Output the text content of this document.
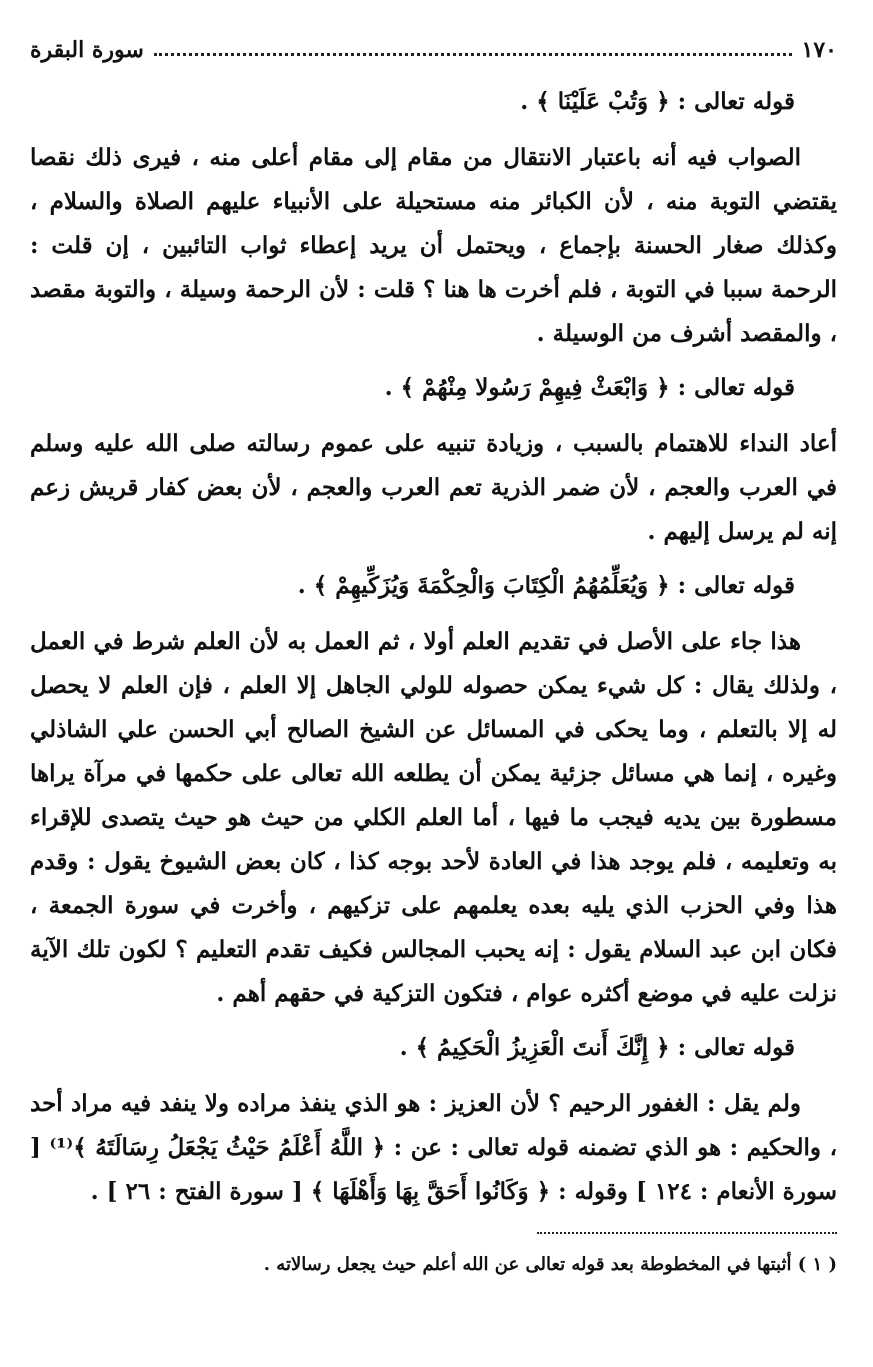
١٧٠
سورة البقرة
قوله تعالى : ﴿ وَتُبْ عَلَيْنَا ﴾ .

الصواب فيه أنه باعتبار الانتقال من مقام إلى مقام أعلى منه ، فيرى ذلك نقصا يقتضي التوبة منه ، لأن الكبائر منه مستحيلة على الأنبياء عليهم الصلاة والسلام ، وكذلك صغار الحسنة بإجماع ، ويحتمل أن يريد إعطاء ثواب التائبين ، إن قلت : الرحمة سببا في التوبة ، فلم أخرت ها هنا ؟ قلت : لأن الرحمة وسيلة ، والتوبة مقصد ، والمقصد أشرف من الوسيلة .

قوله تعالى : ﴿ وَابْعَثْ فِيهِمْ رَسُولا مِنْهُمْ ﴾ .

أعاد النداء للاهتمام بالسبب ، وزيادة تنبيه على عموم رسالته صلى الله عليه وسلم في العرب والعجم ، لأن ضمر الذرية تعم العرب والعجم ، لأن بعض كفار قريش زعم إنه لم يرسل إليهم .

قوله تعالى : ﴿ وَيُعَلِّمُهُمُ الْكِتَابَ وَالْحِكْمَةَ وَيُزَكِّيهِمْ ﴾ .

هذا جاء على الأصل في تقديم العلم أولا ، ثم العمل به لأن العلم شرط في العمل ، ولذلك يقال : كل شيء يمكن حصوله للولي الجاهل إلا العلم ، فإن العلم لا يحصل له إلا بالتعلم ، وما يحكى في المسائل عن الشيخ الصالح أبي الحسن علي الشاذلي وغيره ، إنما هي مسائل جزئية يمكن أن يطلعه الله تعالى على حكمها في مرآة يراها مسطورة بين يديه فيجب ما فيها ، أما العلم الكلي من حيث هو حيث يتصدى للإقراء به وتعليمه ، فلم يوجد هذا في العادة لأحد بوجه كذا ، كان بعض الشيوخ يقول : وقدم هذا وفي الحزب الذي يليه بعده يعلمهم على تزكيهم ، وأخرت في سورة الجمعة ، فكان ابن عبد السلام يقول : إنه يحبب المجالس فكيف تقدم التعليم ؟ لكون تلك الآية نزلت عليه في موضع أكثره عوام ، فتكون التزكية في حقهم أهم .

قوله تعالى : ﴿ إِنَّكَ أَنتَ الْعَزِيزُ الْحَكِيمُ ﴾ .

ولم يقل : الغفور الرحيم ؟ لأن العزيز : هو الذي ينفذ مراده ولا ينفد فيه مراد أحد ، والحكيم : هو الذي تضمنه قوله تعالى : عن : ﴿ اللَّهُ أَعْلَمُ حَيْثُ يَجْعَلُ رِسَالَتَهُ ﴾⁽¹⁾ [ سورة الأنعام : ١٢٤ ] وقوله : ﴿ وَكَانُوا أَحَقَّ بِهَا وَأَهْلَهَا ﴾ [ سورة الفتح : ٢٦ ] .

( ١ ) أثبتها في المخطوطة بعد قوله تعالى عن الله أعلم حيث يجعل رسالاته .
